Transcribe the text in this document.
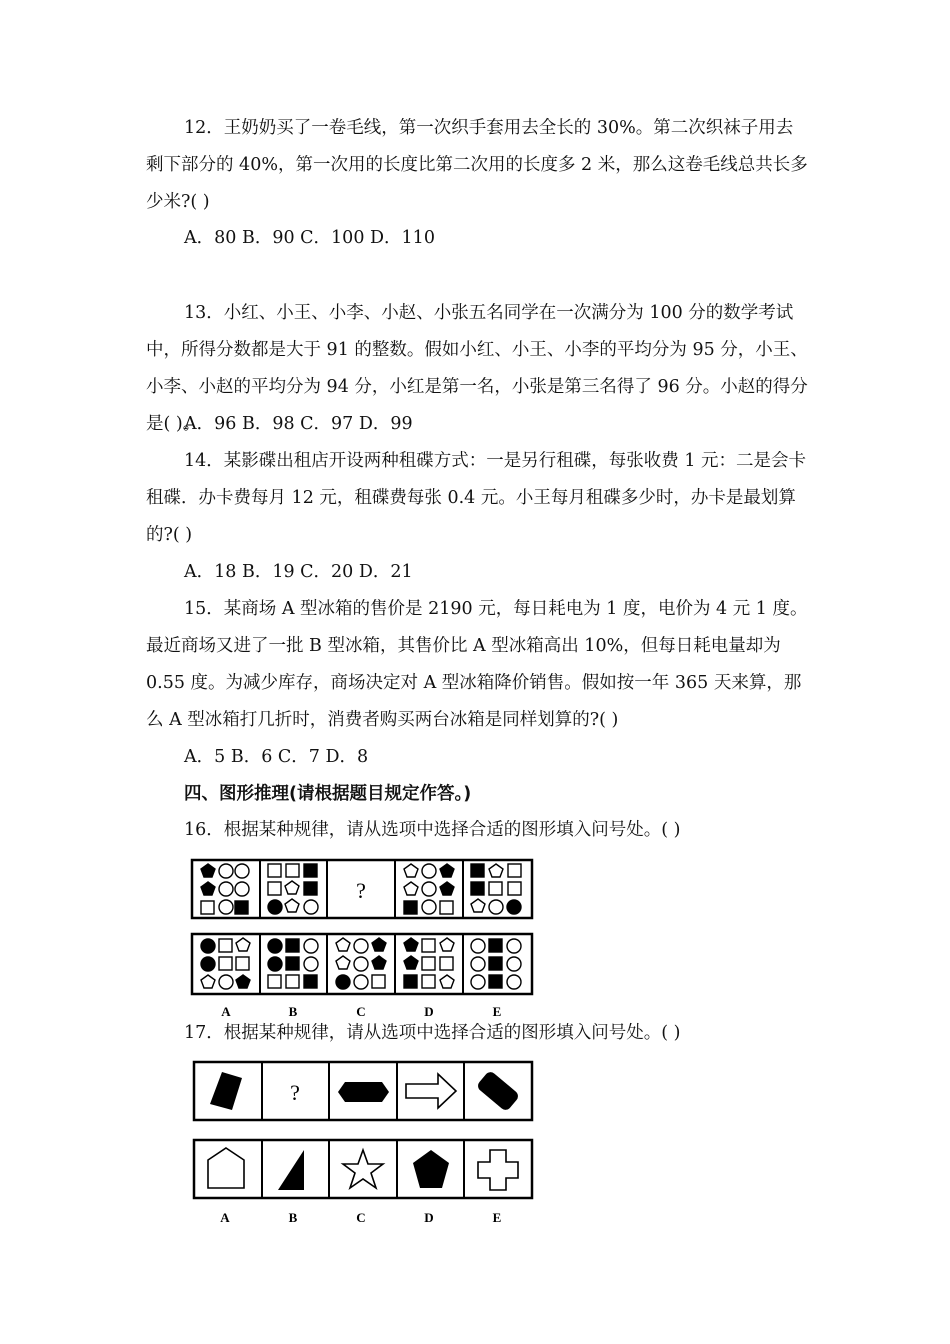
12．王奶奶买了一卷毛线，第一次织手套用去全长的 30%。第二次织袜子用去剩下部分的 40%，第一次用的长度比第二次用的长度多 2 米，那么这卷毛线总共长多少米?( )

A．80 B．90 C．100 D．110

13．小红、小王、小李、小赵、小张五名同学在一次满分为 100 分的数学考试中，所得分数都是大于 91 的整数。假如小红、小王、小李的平均分为 95 分，小王、小李、小赵的平均分为 94 分，小红是第一名，小张是第三名得了 96 分。小赵的得分是( )。

A．96 B．98 C．97 D．99

14．某影碟出租店开设两种租碟方式：一是另行租碟，每张收费 1 元：二是会卡租碟．办卡费每月 12 元，租碟费每张 0.4 元。小王每月租碟多少时，办卡是最划算的?( )

A．18 B．19 C．20 D．21

15．某商场 A 型冰箱的售价是 2190 元，每日耗电为 1 度，电价为 4 元 1 度。最近商场又进了一批 B 型冰箱，其售价比 A 型冰箱高出 10%，但每日耗电量却为 0.55 度。为减少库存，商场决定对 A 型冰箱降价销售。假如按一年 365 天来算，那么 A 型冰箱打几折时，消费者购买两台冰箱是同样划算的?( )

A．5 B．6 C．7 D．8

四、图形推理(请根据题目规定作答。)

16．根据某种规律，请从选项中选择合适的图形填入问号处。( )

?
A	B	C	D	E

17．根据某种规律，请从选项中选择合适的图形填入问号处。( )

?
A	B	C	D	E
